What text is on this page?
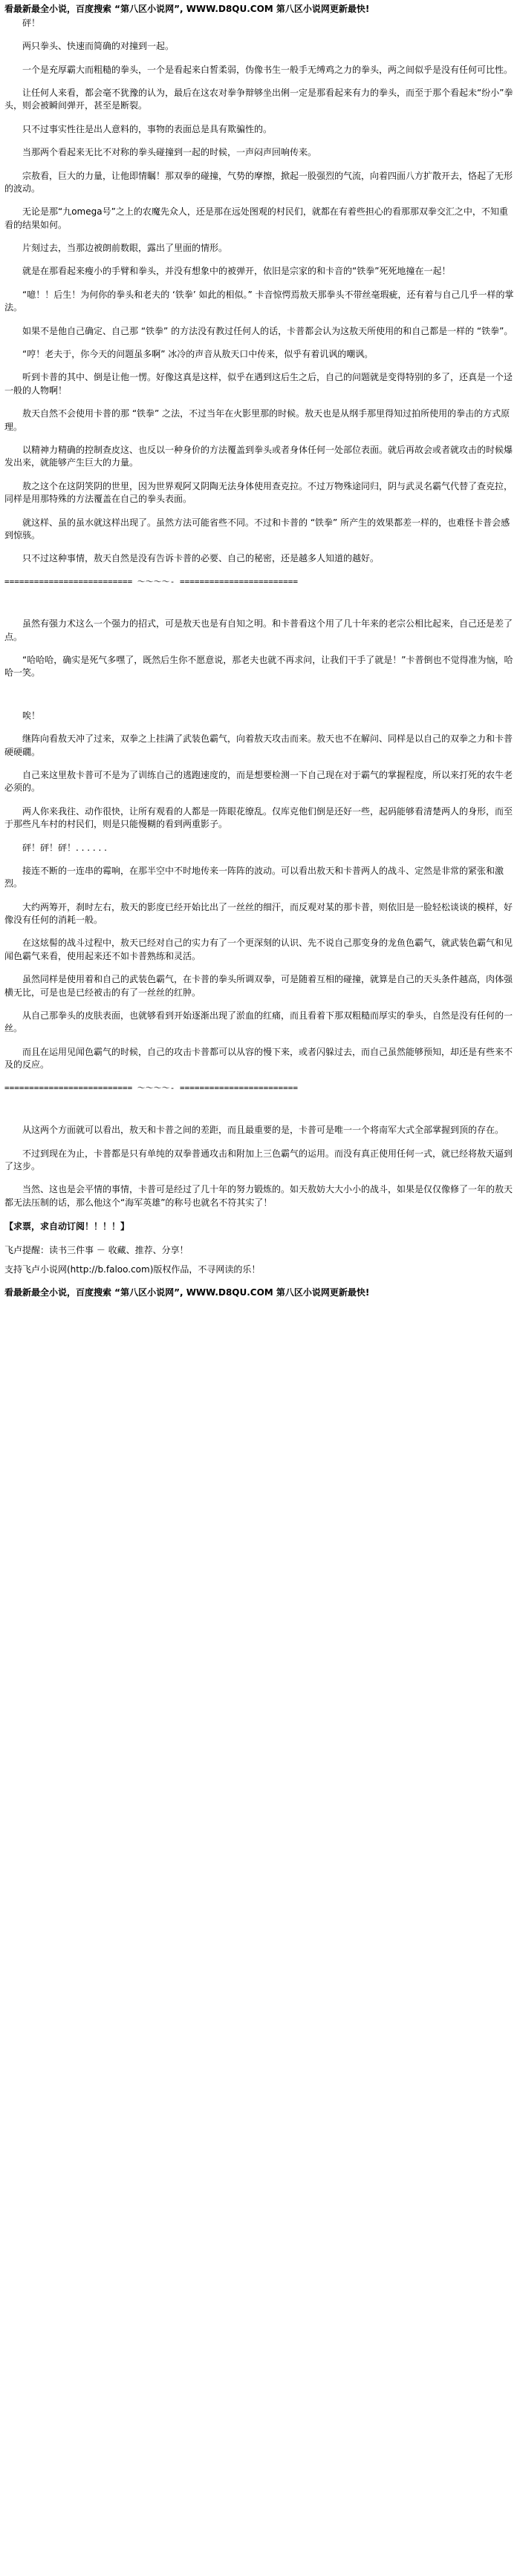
看最新最全小说，百度搜索 “第八区小说网”, WWW.D8QU.COM 第八区小说网更新最快!

砰！

两只拳头、快速而简确的对撞到一起。

一个是充厚霸大而粗糙的拳头，一个是看起来白皙柔弱，伪像书生一般手无缚鸡之力的拳头，两之间似乎是没有任何可比性。

让任何人来看，都会毫不犹豫的认为，最后在这农对拳争辩够坐出俐一定是那看起来有力的拳头，而至于那个看起未“纷小”拳头，则会被瞬间弹开，甚至是断裂。

只不过事实性往是出人意料的，事物的表面总是具有欺骗性的。

当那两个看起来无比不对称的拳头碰撞到一起的时候，一声闷声回响传来。

宗敖看，巨大的力量，让他即情瞩！那双拳的碰撞，气势的摩擦，掀起一股强烈的气流，向着四面八方扩散开去，恪起了无形的波动。

无论是那“九omega号”之上的农魔先众人，还是那在远处图观的村民们，就都在有着些担心的看那那双拳交汇之中，不知重看的结果如何。

片刻过去，当那边被朗前数眼，露出了里面的情形。

就是在那看起来瘦小的手臂和拳头，并没有想象中的被弹开，依旧是宗家的和卡音的“铁拳”死死地撞在一起！

“噫！！后生！为何你的拳头和老夫的 ‘铁拳’ 如此的相似。” 卡音惊愕焉敖天那拳头不带丝毫瑕疵，还有着与自己几乎一样的掌法。

如果不是他自己确定、自己那 “铁拳” 的方法没有教过任何人的话，卡普都会认为这敖天所使用的和自己都是一样的 “铁拳”。

“哼！老夫于，你今天的问题虽多啊” 冰冷的声音从敖天口中传来，似乎有着讥讽的嘲讽。

听到卡普的其中、倒是让他一愣。好像这真是这样，似乎在遇到这后生之后，自己的问题就是变得特别的多了，还真是一个迳一般的人物啊！

敖天自然不会使用卡普的那 “铁拳” 之法，不过当年在火影里那的时候。敖天也是从纲手那里得知过拍所使用的拳击的方式原理。

以精神力精确的控制查皮这、也反以一种身价的方法覆盖到拳头或者身体任何一处部位表面。就后再故会或者就攻击的时候爆发出来，就能够产生巨大的力量。

敖之这个在这阴笑阴的世里，因为世界观阿又阴陶无法身体使用查克拉。不过万物殊途同归，阴与武灵名霸气代替了查克拉，同样是用那特殊的方法覆盖在自己的拳头表面。

就这样、虽的虽水就这样出现了。虽然方法可能省些不同。不过和卡普的 “铁拳” 所产生的效果都差一样的，也难怪卡普会感到惊骇。

只不过这种事情，敖天自然是没有告诉卡普的必要、自己的秘密，还是越多人知道的越好。

========================== ～～～～- ========================

虽然有强力术这么一个强力的招式，可是敖天也是有自知之明。和卡普看这个用了几十年来的老宗公相比起来，自己还是差了点。

“哈哈哈，确实是死气多嘿了，既然后生你不愿意说，那老夫也就不再求问，让我们干手了就是！”卡普倒也不觉得准为恼，哈哈一笑。

唉！

继阵向看敖天冲了过来，双拳之上挂满了武装色霸气，向着敖天攻击而来。敖天也不在解问、同样是以自己的双拳之力和卡普硬硬礀。

自己来这里敖卡普可不是为了训练自己的逃跑速度的，而是想要检测一下自己现在对于霸气的掌握程度，所以来打死的农牛老必须的。

两人你来我往、动作很快，让所有观看的人都是一阵眼花缭乱。仅库克他们倒是还好一些，起码能够看清楚两人的身形，而至于那些凡车村的村民们，则是只能慢糊的看到两重影子。

砰！砰！砰！. . . . . .

接连不断的一连串的霉响，在那半空中不时地传来一阵阵的波动。可以看出敖天和卡普两人的战斗、定然是非常的紧张和激烈。

大约两筹开，刹时左右，敖天的影度已经开始比出了一丝丝的细汗，而反观对某的那卡普，则依旧是一脸轻松谈谈的模样，好像没有任何的消耗一般。

在这炫髻的战斗过程中，敖天已经对自己的实力有了一个更深刻的认识、先不说自己那变身的龙鱼色霸气，就武装色霸气和见闻色霸气来看，使用起来还不如卡普熟练和灵活。

虽然同样是使用着和自己的武装色霸气，在卡普的拳头所调双拳，可是随着互相的碰撞，就算是自己的天头条件越高，肉体强横无比，可是也是已经被击的有了一丝丝的红肿。

从自己那拳头的皮肤表面，也就够看到开始逐渐出现了淤血的红痛，而且看着下那双粗糙而厚实的拳头，自然是没有任何的一丝。

而且在运用见闻色霸气的时候，自己的攻击卡普都可以从容的慢下来，或者闪躲过去，而自己虽然能够预知，却还是有些来不及的反应。

========================== ～～～～- ========================

从这两个方面就可以看出，敖天和卡普之间的差距，而且最重要的是，卡普可是唯一一个将南军大式全部掌握到顶的存在。

不过到现在为止，卡普都是只有单纯的双拳普通攻击和附加上三色霸气的运用。而没有真正使用任何一式，就已经将敖天逼到了这步。

当然、这也是会平情的事情，卡普可是经过了几十年的努力锻炼的。如天敖妨大大小小的战斗，如果是仅仅像修了一年的敖天都无法压制的话，那么他这个“海军英雄”的称号也就名不符其实了！

【求票，求自动订阅！！！！】

飞卢提醒：读书三件事 － 收藏、推荐、分享！

支持飞卢小说网(http://b.faloo.com)版权作品，不寻网读的乐！

看最新最全小说，百度搜索 “第八区小说网”, WWW.D8QU.COM 第八区小说网更新最快!
